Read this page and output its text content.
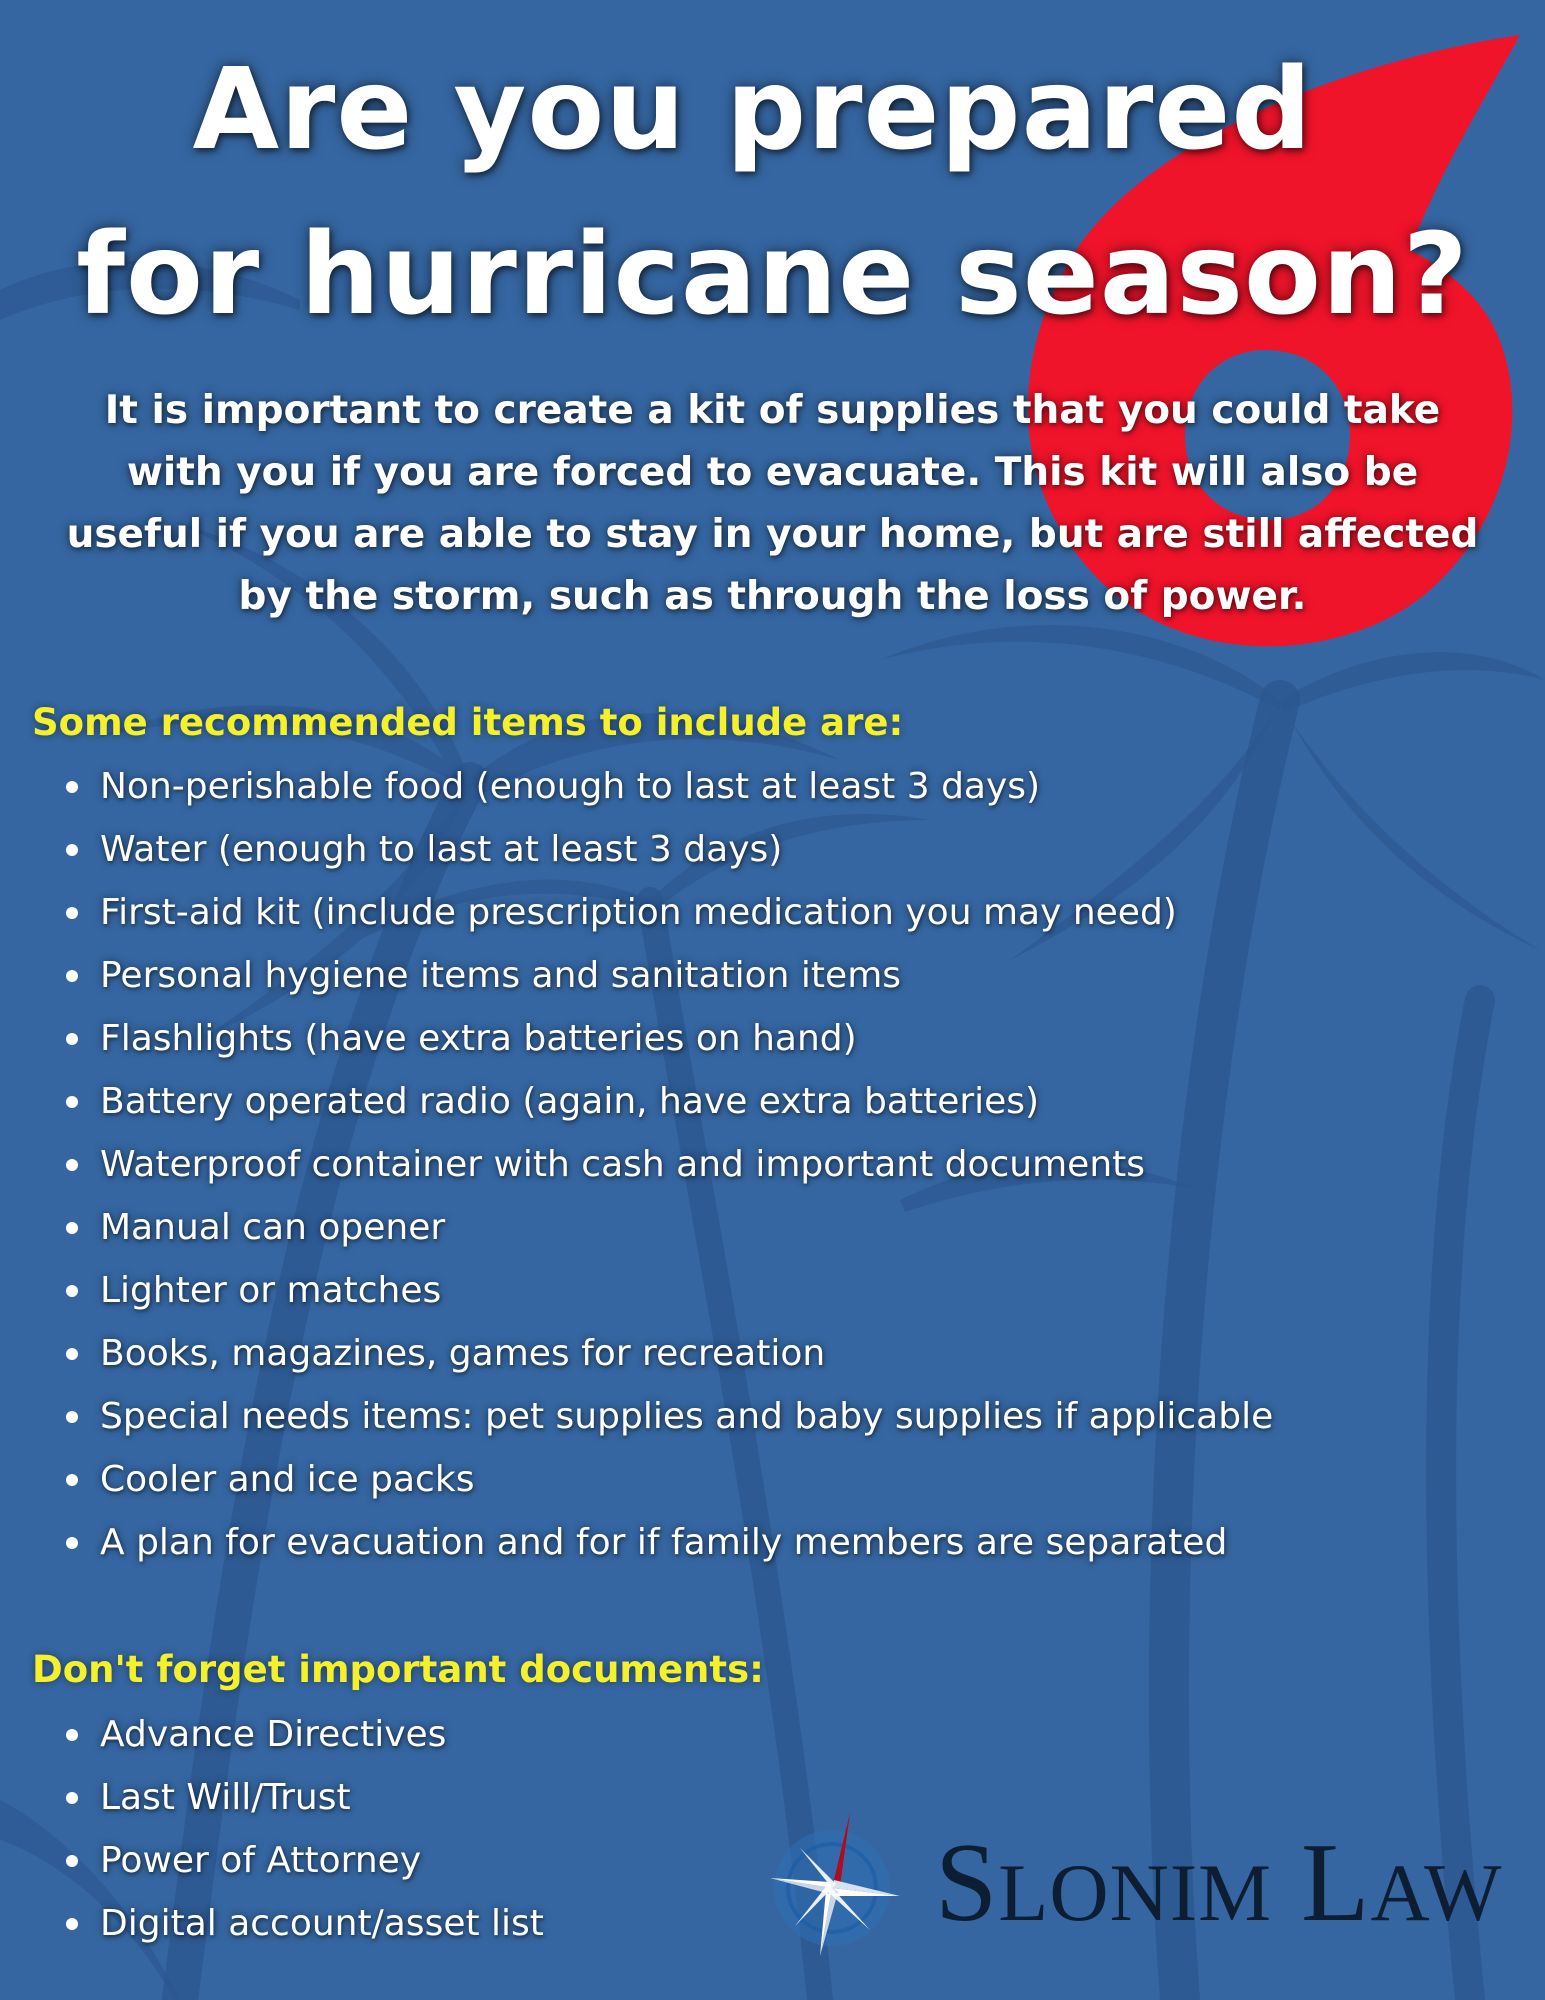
Are you prepared
for hurricane season?

It is important to create a kit of supplies that you could take with you if you are forced to evacuate. This kit will also be useful if you are able to stay in your home, but are still affected by the storm, such as through the loss of power.

Some recommended items to include are:
Non-perishable food (enough to last at least 3 days)
Water (enough to last at least 3 days)
First-aid kit (include prescription medication you may need)
Personal hygiene items and sanitation items
Flashlights (have extra batteries on hand)
Battery operated radio (again, have extra batteries)
Waterproof container with cash and important documents
Manual can opener
Lighter or matches
Books, magazines, games for recreation
Special needs items: pet supplies and baby supplies if applicable
Cooler and ice packs
A plan for evacuation and for if family members are separated
Don't forget important documents:
Advance Directives
Last Will/Trust
Power of Attorney
Digital account/asset list	SLONIM LAW
